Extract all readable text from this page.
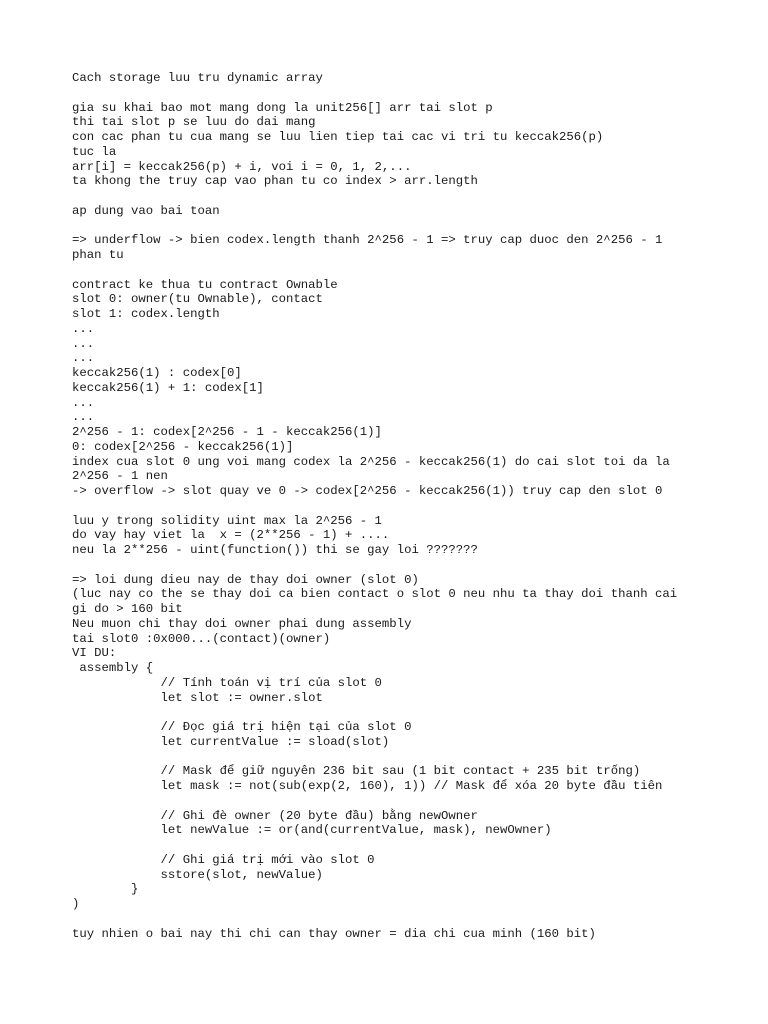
Cach storage luu tru dynamic array
gia su khai bao mot mang dong la unit256[] arr tai slot p
thi tai slot p se luu do dai mang
con cac phan tu cua mang se luu lien tiep tai cac vi tri tu keccak256(p)
tuc la
arr[i] = keccak256(p) + i, voi i = 0, 1, 2,...
ta khong the truy cap vao phan tu co index > arr.length
ap dung vao bai toan
=> underflow -> bien codex.length thanh 2^256 - 1 => truy cap duoc den 2^256 - 1
phan tu
contract ke thua tu contract Ownable
slot 0: owner(tu Ownable), contact
slot 1: codex.length
...
...
...
keccak256(1) : codex[0]
keccak256(1) + 1: codex[1]
...
...
2^256 - 1: codex[2^256 - 1 - keccak256(1)]
0: codex[2^256 - keccak256(1)]
index cua slot 0 ung voi mang codex la 2^256 - keccak256(1) do cai slot toi da la
2^256 - 1 nen
-> overflow -> slot quay ve 0 -> codex[2^256 - keccak256(1)) truy cap den slot 0
luu y trong solidity uint max la 2^256 - 1
do vay hay viet la  x = (2**256 - 1) + ....
neu la 2**256 - uint(function()) thi se gay loi ???????
=> loi dung dieu nay de thay doi owner (slot 0)
(luc nay co the se thay doi ca bien contact o slot 0 neu nhu ta thay doi thanh cai
gi do > 160 bit
Neu muon chi thay doi owner phai dung assembly
tai slot0 :0x000...(contact)(owner)
VI DU:
assembly {
// Tính toán vị trí của slot 0
let slot := owner.slot
// Đọc giá trị hiện tại của slot 0
let currentValue := sload(slot)
// Mask để giữ nguyên 236 bit sau (1 bit contact + 235 bit trống)
let mask := not(sub(exp(2, 160), 1)) // Mask để xóa 20 byte đầu tiên
// Ghi đè owner (20 byte đầu) bằng newOwner
let newValue := or(and(currentValue, mask), newOwner)
// Ghi giá trị mới vào slot 0
sstore(slot, newValue)
}
)
tuy nhien o bai nay thi chi can thay owner = dia chi cua minh (160 bit)
